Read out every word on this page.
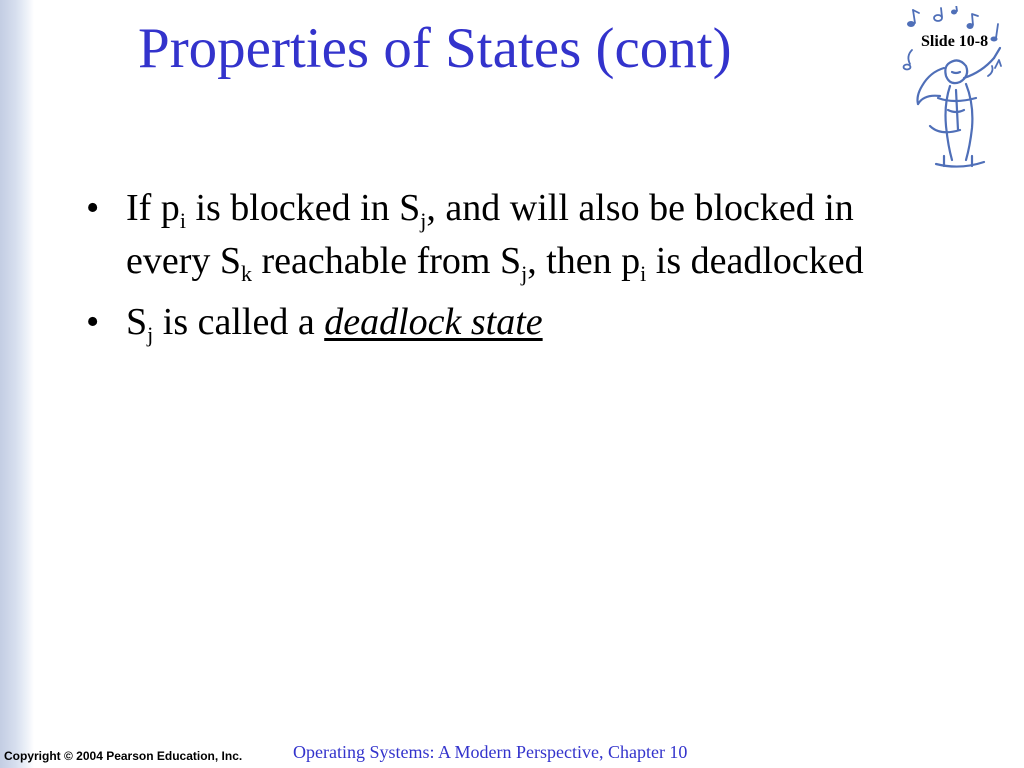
Properties of States (cont)	Slide 10-8
• If $p_i$ is blocked in $S_j$, and will also be blocked in every $S_k$ reachable from $S_j$, then $p_i$ is deadlocked
• $S_j$ is called a deadlock state
Copyright © 2004 Pearson Education, Inc.	Operating Systems: A Modern Perspective, Chapter 10
